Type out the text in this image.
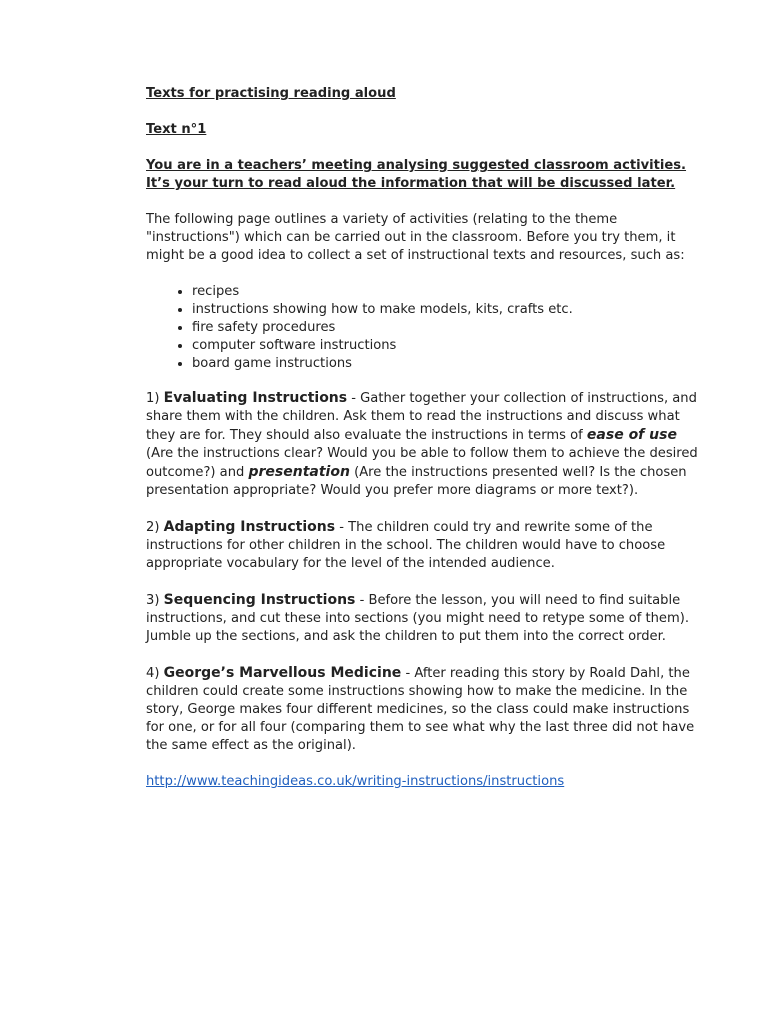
Texts for practising reading aloud

Text n°1

You are in a teachers’ meeting analysing suggested classroom activities. It’s your turn to read aloud the information that will be discussed later.

The following page outlines a variety of activities (relating to the theme "instructions") which can be carried out in the classroom. Before you try them, it might be a good idea to collect a set of instructional texts and resources, such as:

• recipes
• instructions showing how to make models, kits, crafts etc.
• fire safety procedures
• computer software instructions
• board game instructions

1) Evaluating Instructions - Gather together your collection of instructions, and share them with the children. Ask them to read the instructions and discuss what they are for. They should also evaluate the instructions in terms of ease of use (Are the instructions clear? Would you be able to follow them to achieve the desired outcome?) and presentation (Are the instructions presented well? Is the chosen presentation appropriate? Would you prefer more diagrams or more text?).

2) Adapting Instructions - The children could try and rewrite some of the instructions for other children in the school. The children would have to choose appropriate vocabulary for the level of the intended audience.

3) Sequencing Instructions - Before the lesson, you will need to find suitable instructions, and cut these into sections (you might need to retype some of them). Jumble up the sections, and ask the children to put them into the correct order.

4) George’s Marvellous Medicine - After reading this story by Roald Dahl, the children could create some instructions showing how to make the medicine. In the story, George makes four different medicines, so the class could make instructions for one, or for all four (comparing them to see what why the last three did not have the same effect as the original).

http://www.teachingideas.co.uk/writing-instructions/instructions
